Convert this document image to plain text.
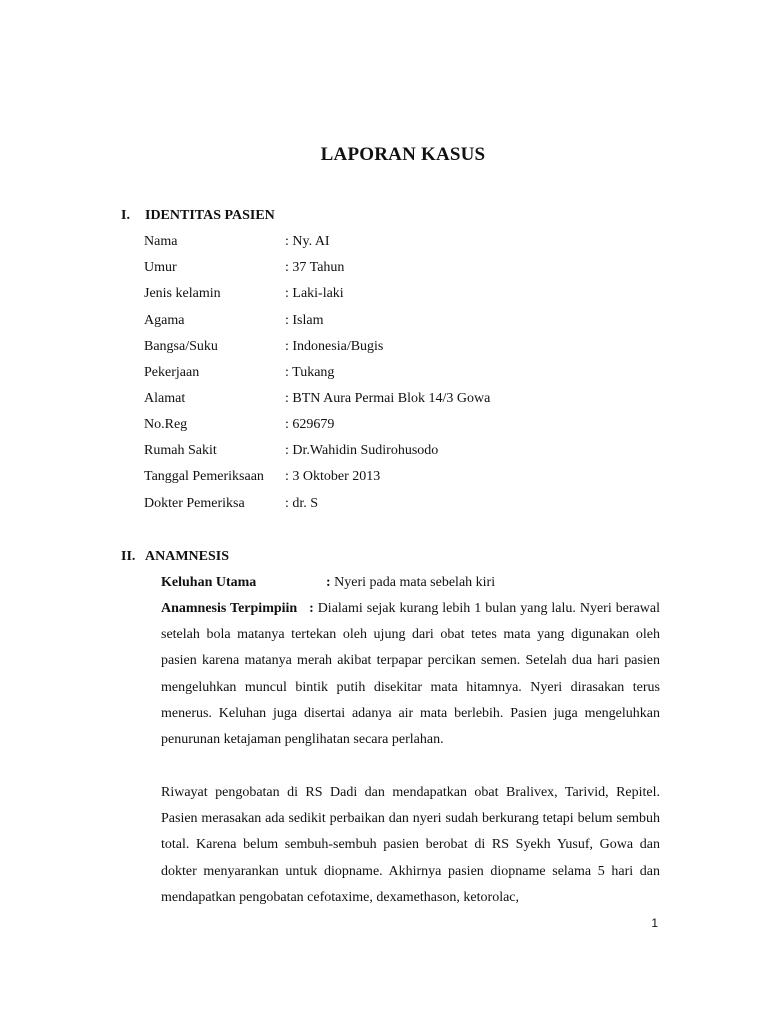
LAPORAN KASUS
I. IDENTITAS PASIEN
Nama	: Ny. AI
Umur	: 37 Tahun
Jenis kelamin	: Laki-laki
Agama	: Islam
Bangsa/Suku	: Indonesia/Bugis
Pekerjaan	: Tukang
Alamat	: BTN Aura Permai Blok 14/3 Gowa
No.Reg	: 629679
Rumah Sakit	: Dr.Wahidin Sudirohusodo
Tanggal Pemeriksaan : 3 Oktober 2013
Dokter Pemeriksa	: dr. S
II. ANAMNESIS
Keluhan Utama	: Nyeri pada mata sebelah kiri
Anamnesis Terpimpiin : Dialami sejak kurang lebih 1 bulan yang lalu. Nyeri berawal setelah bola matanya tertekan oleh ujung dari obat tetes mata yang digunakan oleh pasien karena matanya merah akibat terpapar percikan semen. Setelah dua hari pasien mengeluhkan muncul bintik putih disekitar mata hitamnya. Nyeri dirasakan terus menerus. Keluhan juga disertai adanya air mata berlebih. Pasien juga mengeluhkan penurunan ketajaman penglihatan secara perlahan.
Riwayat pengobatan di RS Dadi dan mendapatkan obat Bralivex, Tarivid, Repitel. Pasien merasakan ada sedikit perbaikan dan nyeri sudah berkurang tetapi belum sembuh total. Karena belum sembuh-sembuh pasien berobat di RS Syekh Yusuf, Gowa dan dokter menyarankan untuk diopname. Akhirnya pasien diopname selama 5 hari dan mendapatkan pengobatan cefotaxime, dexamethason, ketorolac,
1
